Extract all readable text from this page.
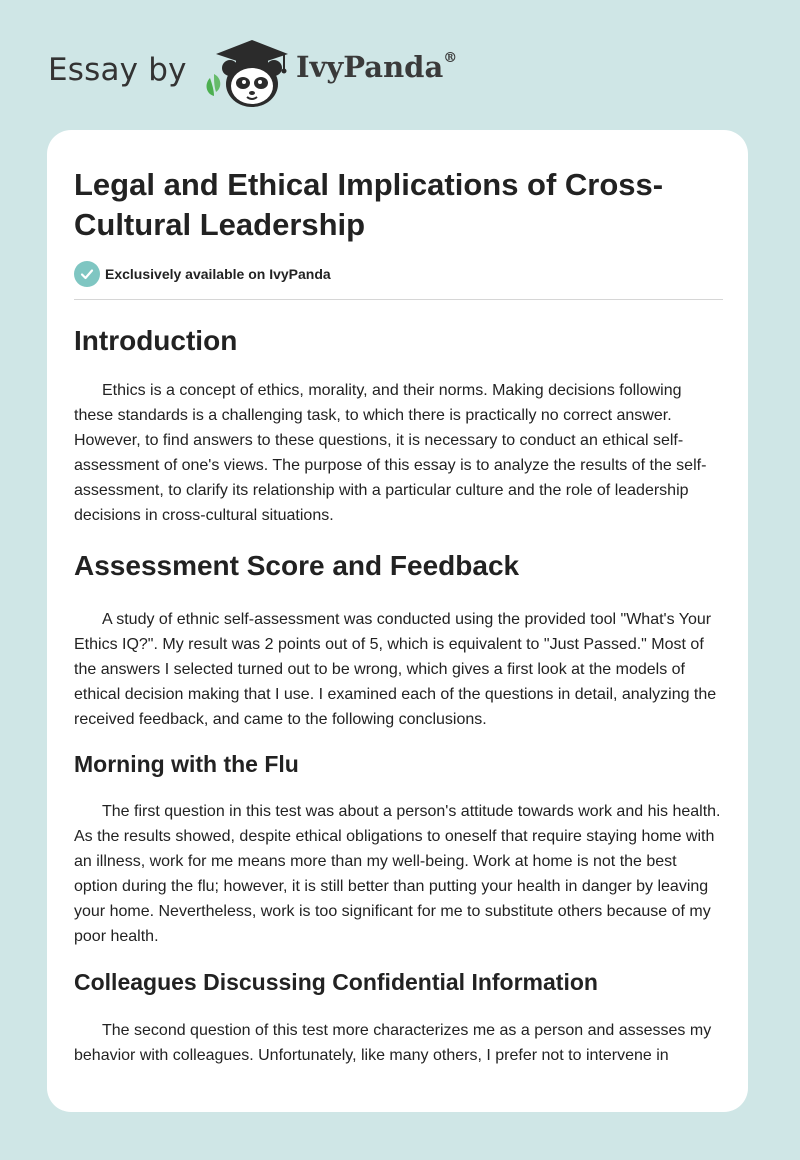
Essay by	IvyPanda®
Legal and Ethical Implications of Cross-Cultural Leadership
Exclusively available on IvyPanda
Introduction

Ethics is a concept of ethics, morality, and their norms. Making decisions following these standards is a challenging task, to which there is practically no correct answer. However, to find answers to these questions, it is necessary to conduct an ethical self-assessment of one's views. The purpose of this essay is to analyze the results of the self-assessment, to clarify its relationship with a particular culture and the role of leadership decisions in cross-cultural situations.

Assessment Score and Feedback

A study of ethnic self-assessment was conducted using the provided tool "What's Your Ethics IQ?". My result was 2 points out of 5, which is equivalent to "Just Passed." Most of the answers I selected turned out to be wrong, which gives a first look at the models of ethical decision making that I use. I examined each of the questions in detail, analyzing the received feedback, and came to the following conclusions.

Morning with the Flu

The first question in this test was about a person's attitude towards work and his health. As the results showed, despite ethical obligations to oneself that require staying home with an illness, work for me means more than my well-being. Work at home is not the best option during the flu; however, it is still better than putting your health in danger by leaving your home. Nevertheless, work is too significant for me to substitute others because of my poor health.

Colleagues Discussing Confidential Information

The second question of this test more characterizes me as a person and assesses my behavior with colleagues. Unfortunately, like many others, I prefer not to intervene in
